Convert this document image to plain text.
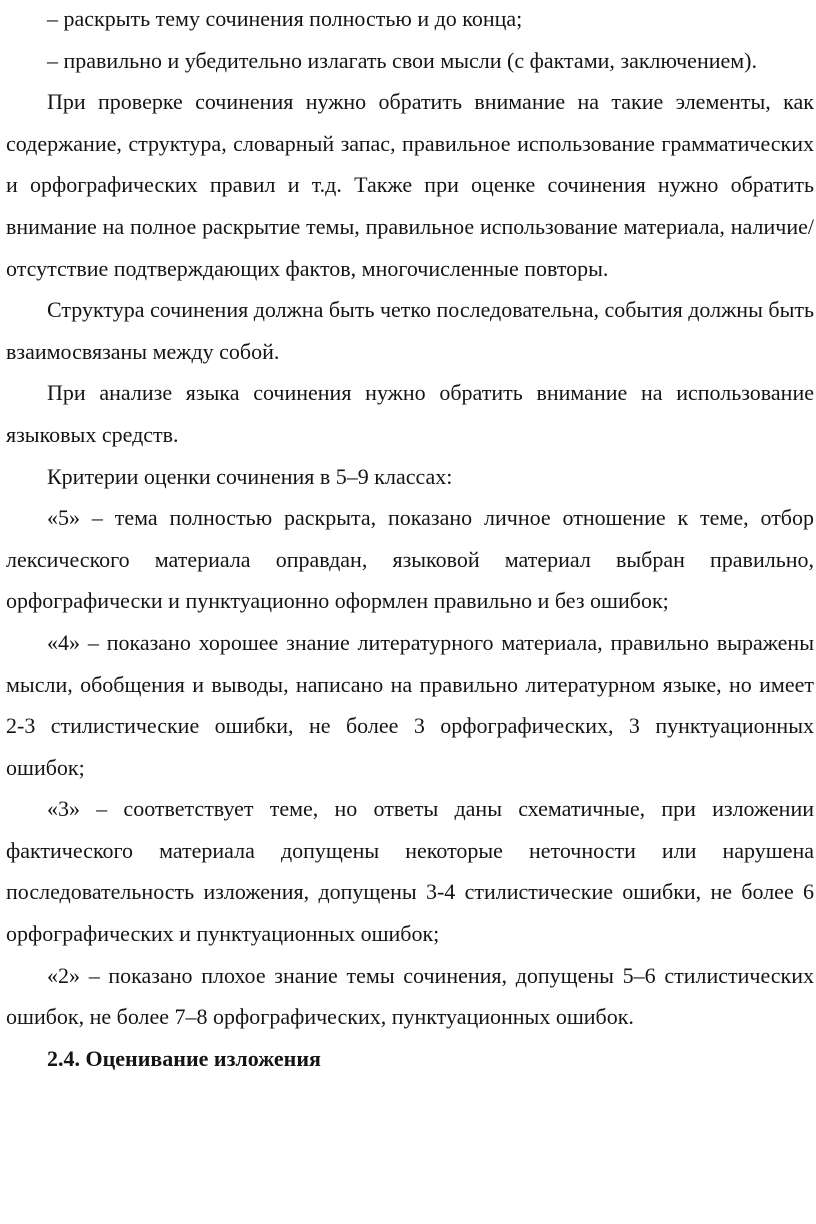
– раскрыть тему сочинения полностью и до конца;

– правильно и убедительно излагать свои мысли (с фактами, заключением).

При проверке сочинения нужно обратить внимание на такие элементы, как содержание, структура, словарный запас, правильное использование грамматических и орфографических правил и т.д. Также при оценке сочинения нужно обратить внимание на полное раскрытие темы, правильное использование материала, наличие/отсутствие подтверждающих фактов, многочисленные повторы.

Структура сочинения должна быть четко последовательна, события должны быть взаимосвязаны между собой.

При анализе языка сочинения нужно обратить внимание на использование языковых средств.

Критерии оценки сочинения в 5–9 классах:

«5» – тема полностью раскрыта, показано личное отношение к теме, отбор лексического материала оправдан, языковой материал выбран правильно, орфографически и пунктуационно оформлен правильно и без ошибок;

«4» – показано хорошее знание литературного материала, правильно выражены мысли, обобщения и выводы, написано на правильно литературном языке, но имеет 2-3 стилистические ошибки, не более 3 орфографических, 3 пунктуационных ошибок;

«3» – соответствует теме, но ответы даны схематичные, при изложении фактического материала допущены некоторые неточности или нарушена последовательность изложения, допущены 3-4 стилистические ошибки, не более 6 орфографических и пунктуационных ошибок;

«2» – показано плохое знание темы сочинения, допущены 5–6 стилистических ошибок, не более 7–8 орфографических, пунктуационных ошибок.

2.4. Оценивание изложения
